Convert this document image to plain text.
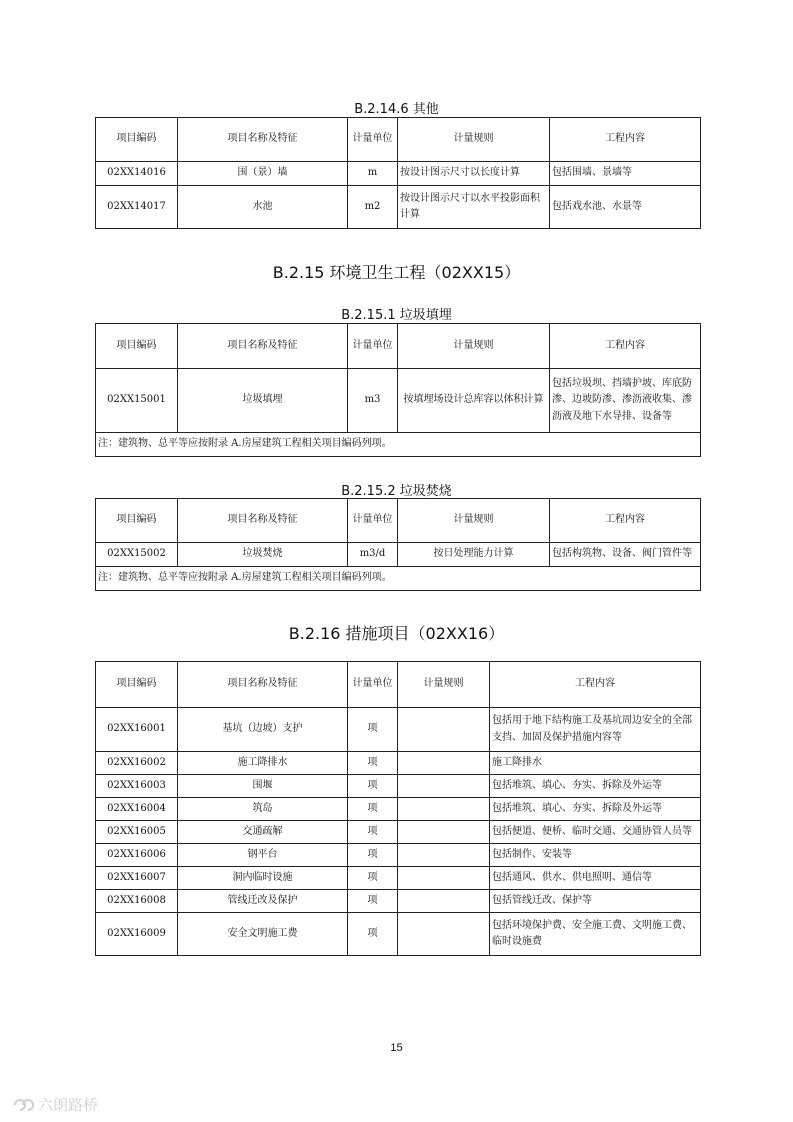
B.2.14.6 其他
项目编码	项目名称及特征	计量单位	计量规则	工程内容
02XX14016	围（景）墙	m	按设计图示尺寸以长度计算	包括围墙、景墙等
02XX14017	水池	m2	按设计图示尺寸以水平投影面积计算	包括戏水池、水景等
B.2.15 环境卫生工程（02XX15）
B.2.15.1 垃圾填埋
项目编码	项目名称及特征	计量单位	计量规则	工程内容
02XX15001	垃圾填埋	m3	按填埋场设计总库容以体积计算	包括垃圾坝、挡墙护坡、库底防渗、边坡防渗、渗沥液收集、渗沥液及地下水导排、设备等
注：建筑物、总平等应按附录 A.房屋建筑工程相关项目编码列项。				
B.2.15.2 垃圾焚烧
项目编码	项目名称及特征	计量单位	计量规则	工程内容
02XX15002	垃圾焚烧	m3/d	按日处理能力计算	包括构筑物、设备、阀门管件等
注：建筑物、总平等应按附录 A.房屋建筑工程相关项目编码列项。				
B.2.16 措施项目（02XX16）
项目编码	项目名称及特征	计量单位	计量规则	工程内容
02XX16001	基坑（边坡）支护	项		包括用于地下结构施工及基坑周边安全的全部支挡、加固及保护措施内容等
02XX16002	施工降排水	项		施工降排水
02XX16003	围堰	项		包括堆筑、填心、夯实、拆除及外运等
02XX16004	筑岛	项		包括堆筑、填心、夯实、拆除及外运等
02XX16005	交通疏解	项		包括便道、便桥、临时交通、交通协管人员等
02XX16006	钢平台	项		包括制作、安装等
02XX16007	洞内临时设施	项		包括通风、供水、供电照明、通信等
02XX16008	管线迁改及保护	项		包括管线迁改、保护等
02XX16009	安全文明施工费	项		包括环境保护费、安全施工费、文明施工费、临时设施费
15
六朗路桥
